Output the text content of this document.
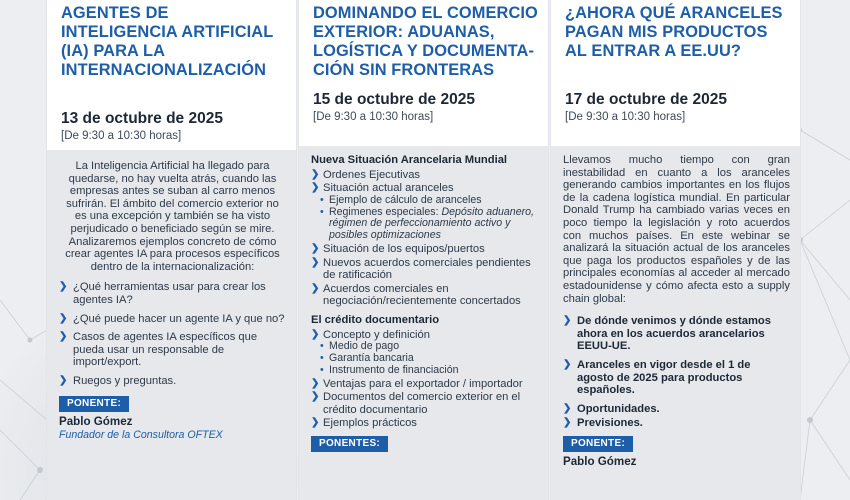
AGENTES DE INTELIGENCIA ARTIFICIAL (IA) PARA LA INTERNACIONALIZACIÓN
13 de octubre de 2025
[De 9:30 a 10:30 horas]

La Inteligencia Artificial ha llegado para quedarse, no hay vuelta atrás, cuando las empresas antes se suban al carro menos sufrirán. El ámbito del comercio exterior no es una excepción y también se ha visto perjudicado o beneficiado según se mire. Analizaremos ejemplos concreto de cómo crear agentes IA para procesos específicos dentro de la internacionalización:

❯ ¿Qué herramientas usar para crear los agentes IA?
❯ ¿Qué puede hacer un agente IA y que no?
❯ Casos de agentes IA específicos que pueda usar un responsable de import/export.
❯ Ruegos y preguntas.
PONENTE:
Pablo Gómez
Fundador de la Consultora OFTEX
DOMINANDO EL COMERCIO EXTERIOR: ADUANAS, LOGÍSTICA Y DOCUMENTA-CIÓN SIN FRONTERAS
15 de octubre de 2025
[De 9:30 a 10:30 horas]
Nueva Situación Arancelaria Mundial
❯ Ordenes Ejecutivas
❯ Situación actual aranceles
• Ejemplo de cálculo de aranceles
• Regimenes especiales: Depósito aduanero, régimen de perfeccionamiento activo y posibles optimizaciones
❯ Situación de los equipos/puertos
❯ Nuevos acuerdos comerciales pendientes de ratificación
❯ Acuerdos comerciales en negociación/recientemente concertados
El crédito documentario
❯ Concepto y definición
• Medio de pago
• Garantía bancaria
• Instrumento de financiación
❯ Ventajas para el exportador / importador
❯ Documentos del comercio exterior en el crédito documentario
❯ Ejemplos prácticos
PONENTES:
¿AHORA QUÉ ARANCELES PAGAN MIS PRODUCTOS AL ENTRAR A EE.UU?
17 de octubre de 2025
[De 9:30 a 10:30 horas]

Llevamos mucho tiempo con gran inestabilidad en cuanto a los aranceles generando cambios importantes en los flujos de la cadena logística mundial. En particular Donald Trump ha cambiado varias veces en poco tiempo la legislación y roto acuerdos con muchos países. En este webinar se analizará la situación actual de los aranceles que paga los productos españoles y de las principales economías al acceder al mercado estadounidense y cómo afecta esto a supply chain global:

❯ De dónde venimos y dónde estamos ahora en los acuerdos arancelarios EEUU-UE.
❯ Aranceles en vigor desde el 1 de agosto de 2025 para productos españoles.
❯ Oportunidades.
❯ Previsiones.
PONENTE:
Pablo Gómez
